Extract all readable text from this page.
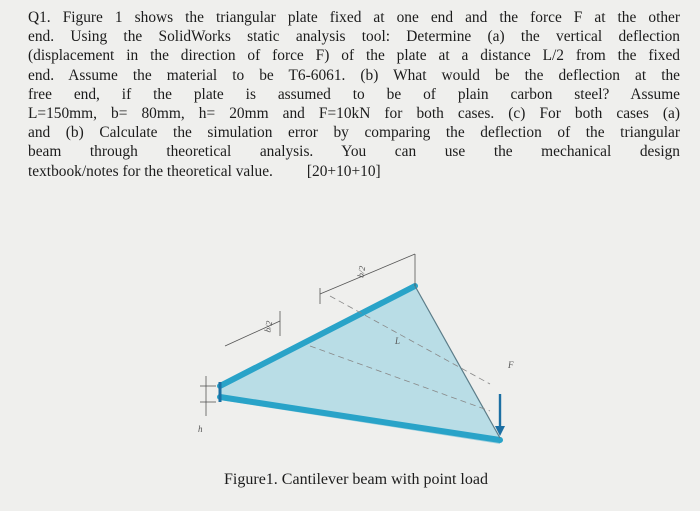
Q1. Figure 1 shows the triangular plate fixed at one end and the force F at the other
end. Using the SolidWorks static analysis tool: Determine (a) the vertical deflection
(displacement in the direction of force F) of the plate at a distance L/2 from the fixed
end. Assume the material to be T6-6061. (b) What would be the deflection at the
free end, if the plate is assumed to be of plain carbon steel? Assume
L=150mm, b= 80mm, h= 20mm and F=10kN for both cases. (c) For both cases (a)
and (b) Calculate the simulation error by comparing the deflection of the triangular
beam through theoretical analysis. You can use the mechanical design
textbook/notes for the theoretical value. [20+10+10]
b/2
b/2
L
h
F
Figure1. Cantilever beam with point load
